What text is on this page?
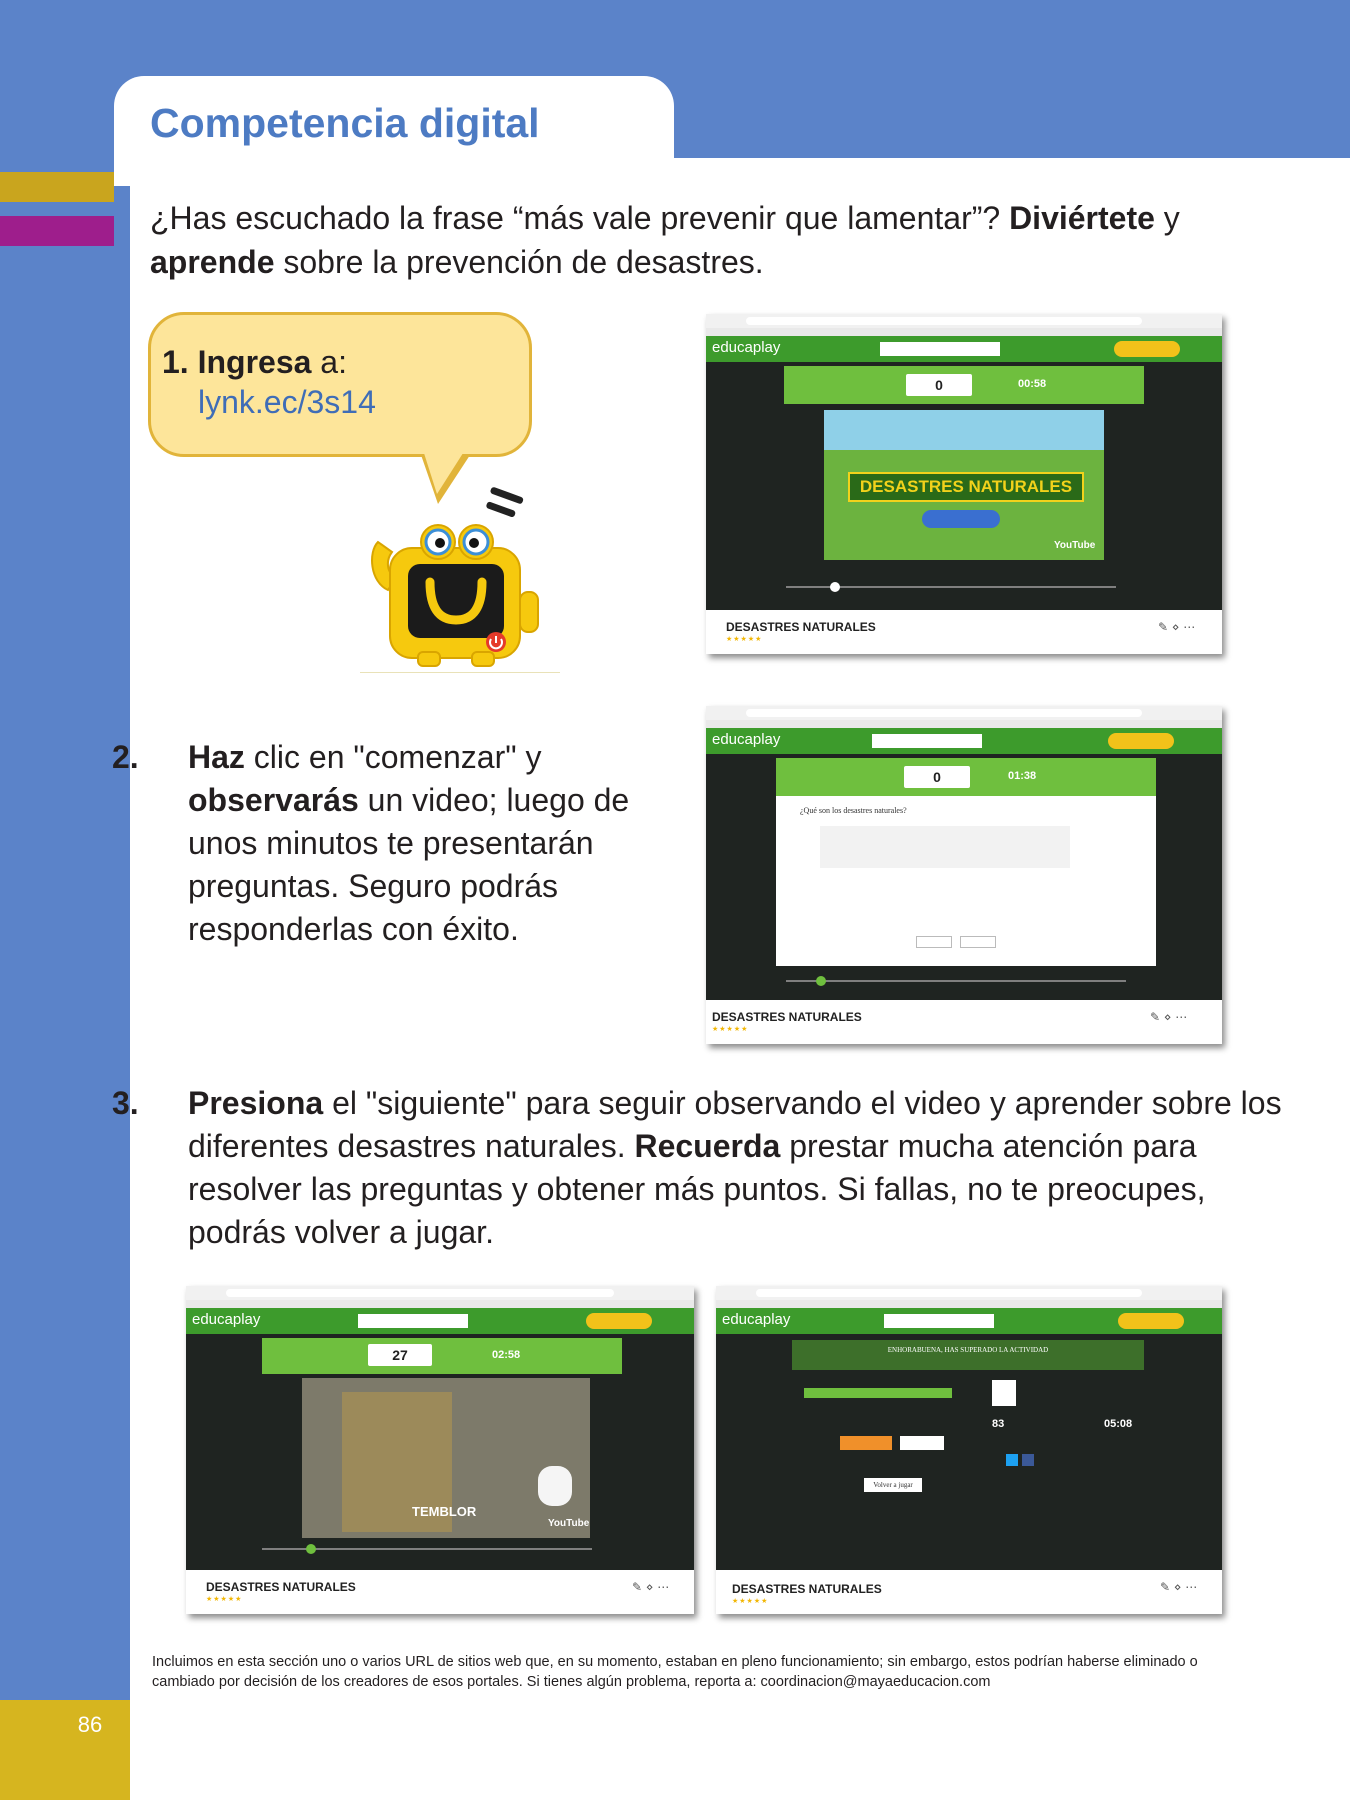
86
Competencia digital
¿Has escuchado la frase “más vale prevenir que lamentar”? Diviértete y aprende sobre la prevención de desastres.
1. Ingresa a:
lynk.ec/3s14
2. Haz clic en "comenzar" y observarás un video; luego de unos minutos te presentarán preguntas. Seguro podrás responderlas con éxito.
3. Presiona el "siguiente" para seguir observando el video y aprender sobre los diferentes desastres naturales. Recuerda prestar mucha atención para resolver las preguntas y obtener más puntos. Si fallas, no te preocupes, podrás volver a jugar.
educaplay
0	00:58
DESASTRES NATURALES
YouTube
DESASTRES NATURALES
★★★★★
✎ ⋄ ⋯
educaplay
0	01:38
¿Qué son los desastres naturales?
DESASTRES NATURALES
★★★★★
✎ ⋄ ⋯
educaplay
27	02:58
TEMBLOR
YouTube
DESASTRES NATURALES
★★★★★
✎ ⋄ ⋯
educaplay
ENHORABUENA, HAS SUPERADO LA ACTIVIDAD
83	05:08
Volver a jugar
DESASTRES NATURALES
★★★★★
✎ ⋄ ⋯
Incluimos en esta sección uno o varios URL de sitios web que, en su momento, estaban en pleno funcionamiento; sin embargo, estos podrían haberse eliminado o cambiado por decisión de los creadores de esos portales. Si tienes algún problema, reporta a: coordinacion@mayaeducacion.com
